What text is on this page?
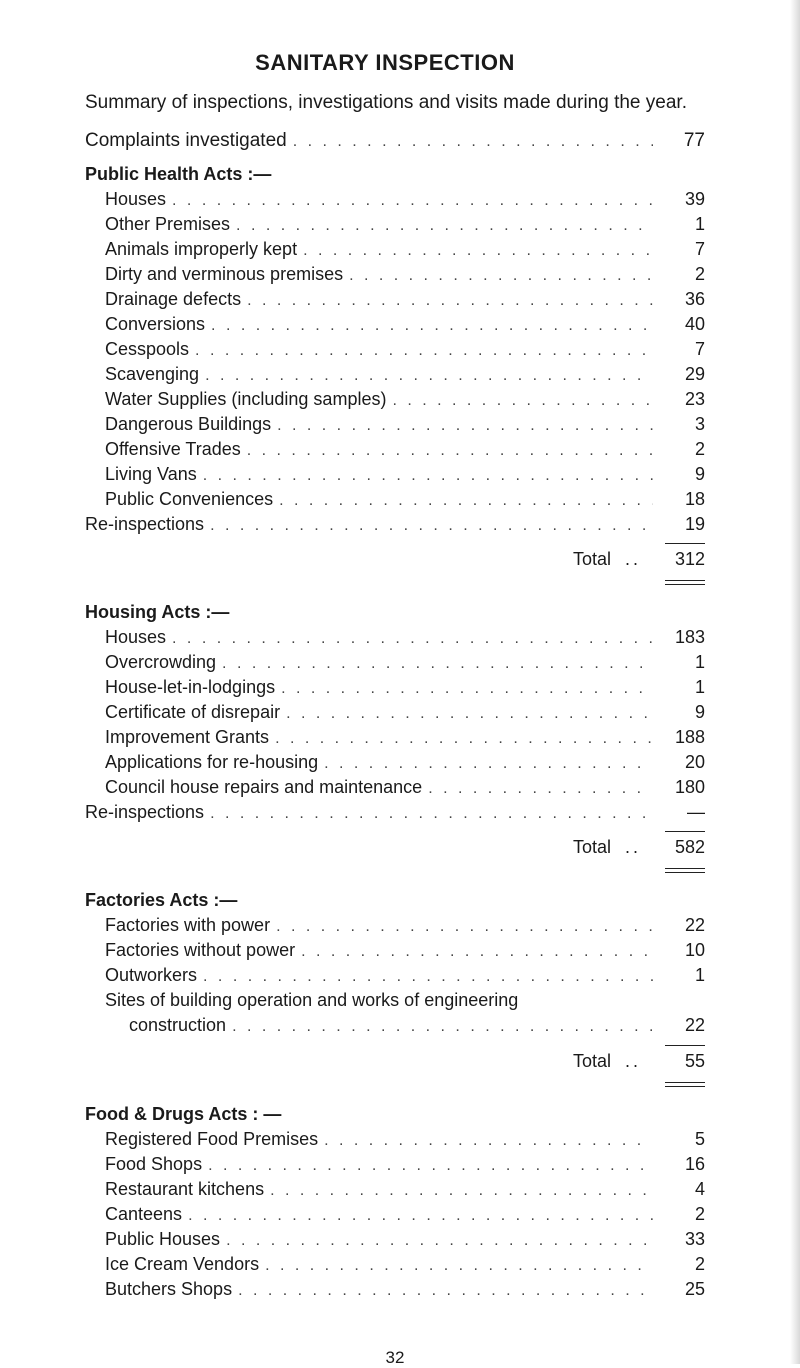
SANITARY INSPECTION
Summary of inspections, investigations and visits made during the year.
Complaints investigated . . .	77
Public Health Acts :—
Houses . . .	39
Other Premises . . .	1
Animals improperly kept . . .	7
Dirty and verminous premises . . .	2
Drainage defects . . .	36
Conversions . . .	40
Cesspools . . .	7
Scavenging . . .	29
Water Supplies (including samples) . . .	23
Dangerous Buildings . . .	3
Offensive Trades . . .	2
Living Vans . . .	9
Public Conveniences . . .	18
Re-inspections . . .	19
Total ..	312
Housing Acts :—
Houses . . .	183
Overcrowding . . .	1
House-let-in-lodgings . . .	1
Certificate of disrepair . . .	9
Improvement Grants . . .	188
Applications for re-housing . . .	20
Council house repairs and maintenance . . .	180
Re-inspections . . .	—
Total ..	582
Factories Acts :—
Factories with power . . .	22
Factories without power . . .	10
Outworkers . . .	1
Sites of building operation and works of engineering
construction . . .	22
Total ..	55
Food & Drugs Acts : —
Registered Food Premises . . .	5
Food Shops . . .	16
Restaurant kitchens . . .	4
Canteens . . .	2
Public Houses . . .	33
Ice Cream Vendors . . .	2
Butchers Shops . . .	25
32
